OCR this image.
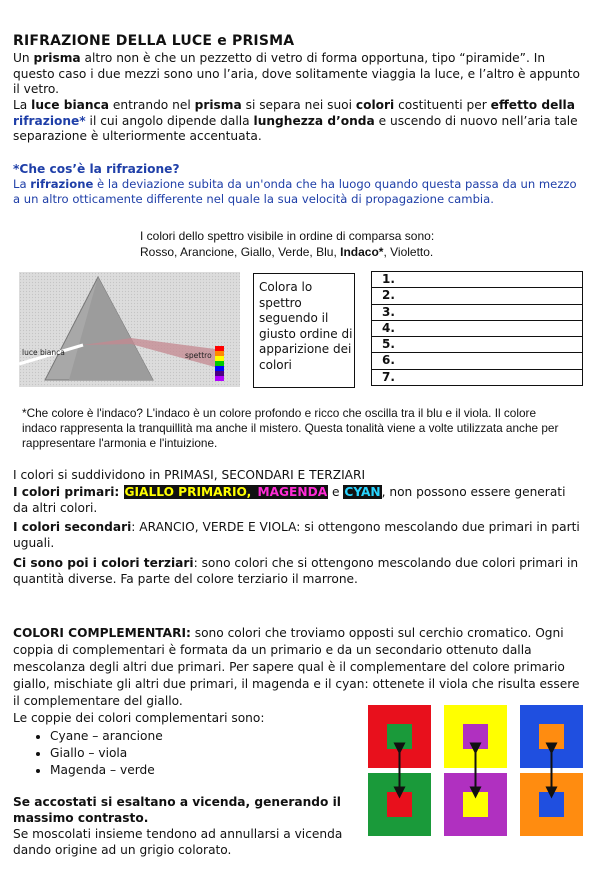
RIFRAZIONE DELLA LUCE e PRISMA
Un prisma altro non è che un pezzetto di vetro di forma opportuna, tipo “piramide”. In questo caso i due mezzi sono uno l’aria, dove solitamente viaggia la luce, e l’altro è appunto il vetro.
La luce bianca entrando nel prisma si separa nei suoi colori costituenti per effetto della rifrazione* il cui angolo dipende dalla lunghezza d’onda e uscendo di nuovo nell’aria tale separazione è ulteriormente accentuata.
*Che cos’è la rifrazione?
La rifrazione è la deviazione subita da un'onda che ha luogo quando questa passa da un mezzo a un altro otticamente differente nel quale la sua velocità di propagazione cambia.
I colori dello spettro visibile in ordine di comparsa sono:
Rosso, Arancione, Giallo, Verde, Blu, Indaco*, Violetto.
luce bianca	spettro
Colora lo spettro seguendo il giusto ordine di apparizione dei colori
1.
2.
3.
4.
5.
6.
7.
*Che colore è l'indaco? L'indaco è un colore profondo e ricco che oscilla tra il blu e il viola. Il colore indaco rappresenta la tranquillità ma anche il mistero. Questa tonalità viene a volte utilizzata anche per rappresentare l'armonia e l'intuizione.
I colori si suddividono in PRIMASI, SECONDARI E TERZIARI
I colori primari: GIALLO PRIMARIO, MAGENDA e CYAN, non possono essere generati da altri colori.
I colori secondari: ARANCIO, VERDE E VIOLA: si ottengono mescolando due primari in parti uguali.
Ci sono poi i colori terziari: sono colori che si ottengono mescolando due colori primari in quantità diverse. Fa parte del colore terziario il marrone.
COLORI COMPLEMENTARI: sono colori che troviamo opposti sul cerchio cromatico. Ogni coppia di complementari è formata da un primario e da un secondario ottenuto dalla mescolanza degli altri due primari. Per sapere qual è il complementare del colore primario giallo, mischiate gli altri due primari, il magenda e il cyan: ottenete il viola che risulta essere il complementare del giallo.
Le coppie dei colori complementari sono:
• Cyane – arancione
• Giallo – viola
• Magenda – verde
Se accostati si esaltano a vicenda, generando il massimo contrasto.
Se moscolati insieme tendono ad annullarsi a vicenda dando origine ad un grigio colorato.
